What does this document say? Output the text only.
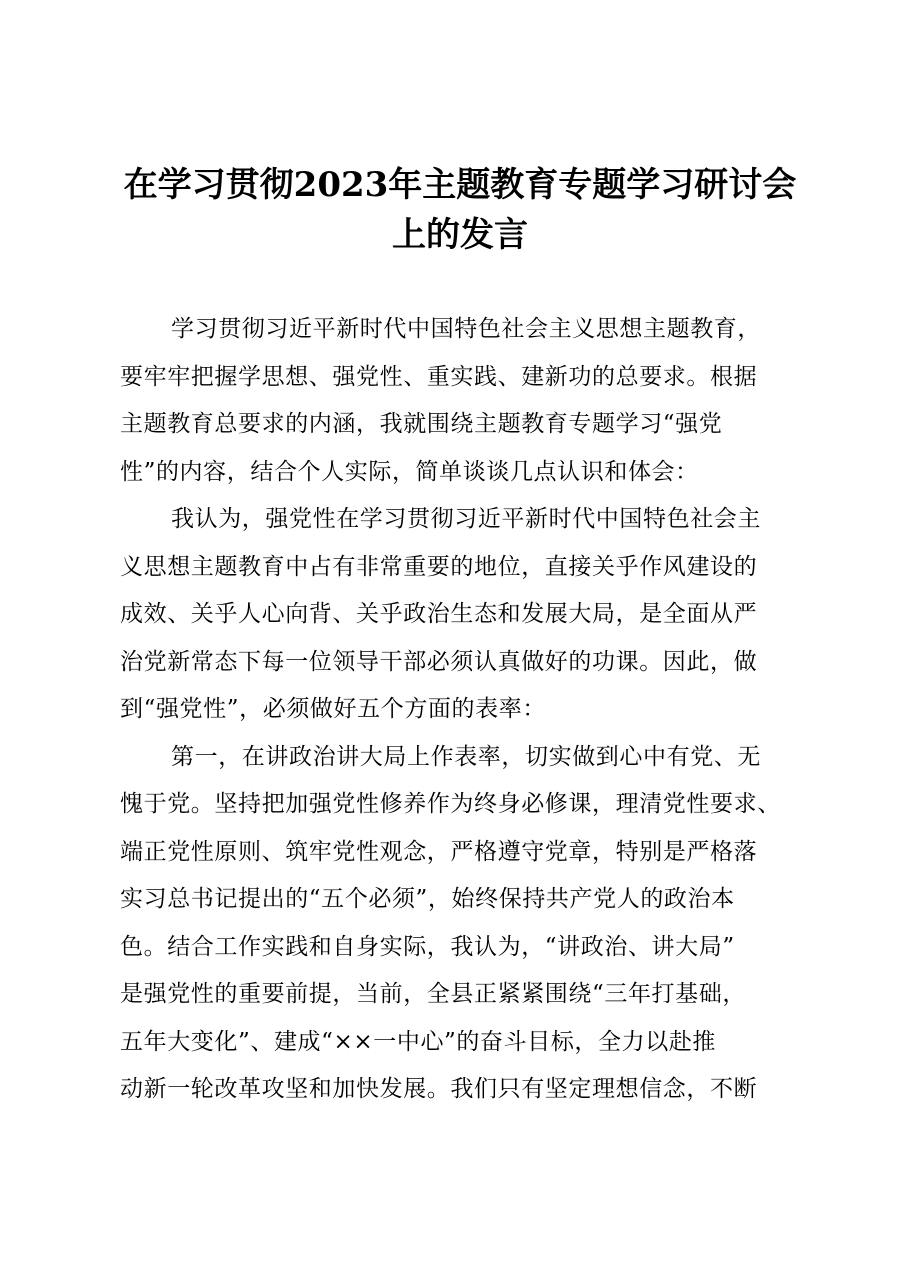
在学习贯彻2023年主题教育专题学习研讨会
上的发言
学习贯彻习近平新时代中国特色社会主义思想主题教育，
要牢牢把握学思想、强党性、重实践、建新功的总要求。根据
主题教育总要求的内涵，我就围绕主题教育专题学习“强党
性”的内容，结合个人实际，简单谈谈几点认识和体会：
我认为，强党性在学习贯彻习近平新时代中国特色社会主
义思想主题教育中占有非常重要的地位，直接关乎作风建设的
成效、关乎人心向背、关乎政治生态和发展大局，是全面从严
治党新常态下每一位领导干部必须认真做好的功课。因此，做
到“强党性”，必须做好五个方面的表率：
第一，在讲政治讲大局上作表率，切实做到心中有党、无
愧于党。坚持把加强党性修养作为终身必修课，理清党性要求、
端正党性原则、筑牢党性观念，严格遵守党章，特别是严格落
实习总书记提出的“五个必须”，始终保持共产党人的政治本
色。结合工作实践和自身实际，我认为，“讲政治、讲大局”
是强党性的重要前提，当前，全县正紧紧围绕“三年打基础，
五年大变化”、建成“××一中心”的奋斗目标，全力以赴推
动新一轮改革攻坚和加快发展。我们只有坚定理想信念，不断
